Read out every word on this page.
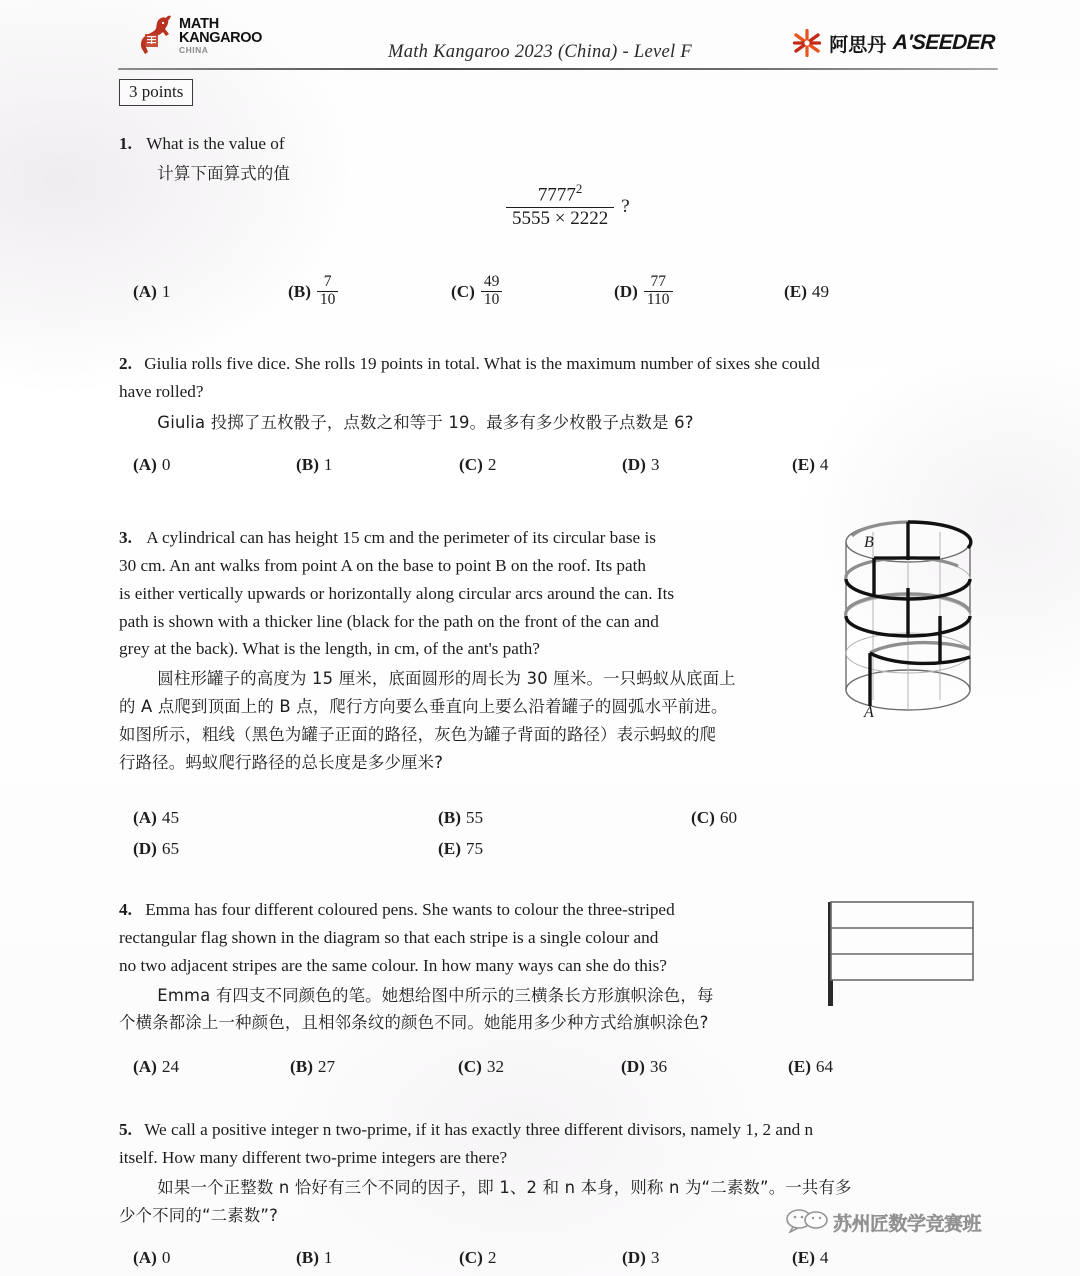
MATH
KANGAROO
CHINA	Math Kangaroo 2023 (China) - Level F	阿思丹 A'SEEDER
3 points
1. What is the value of
计算下面算式的值
$\frac{7777^2}{5555 \times 2222}$ ?
(A) 1	$(B) \frac{7}{10}$	$(C) \frac{49}{10}$	$(D) \frac{77}{110}$	(E) 49
2. Giulia rolls five dice. She rolls 19 points in total. What is the maximum number of sixes she could
have rolled?
Giulia 投掷了五枚骰子，点数之和等于 19。最多有多少枚骰子点数是 6?
(A) 0	(B) 1	(C) 2	(D) 3	(E) 4
3. A cylindrical can has height 15 cm and the perimeter of its circular base is
30 cm. An ant walks from point A on the base to point B on the roof. Its path
is either vertically upwards or horizontally along circular arcs around the can. Its
path is shown with a thicker line (black for the path on the front of the can and
grey at the back). What is the length, in cm, of the ant's path?
圆柱形罐子的高度为 15 厘米，底面圆形的周长为 30 厘米。一只蚂蚁从底面上
的 A 点爬到顶面上的 B 点，爬行方向要么垂直向上要么沿着罐子的圆弧水平前进。
如图所示，粗线（黑色为罐子正面的路径，灰色为罐子背面的路径）表示蚂蚁的爬
行路径。蚂蚁爬行路径的总长度是多少厘米?
B
A
(A) 45	(B) 55	(C) 60
(D) 65	(E) 75
4. Emma has four different coloured pens. She wants to colour the three-striped
rectangular flag shown in the diagram so that each stripe is a single colour and
no two adjacent stripes are the same colour. In how many ways can she do this?
Emma 有四支不同颜色的笔。她想给图中所示的三横条长方形旗帜涂色，每
个横条都涂上一种颜色，且相邻条纹的颜色不同。她能用多少种方式给旗帜涂色?
(A) 24	(B) 27	(C) 32	(D) 36	(E) 64
5. We call a positive integer n two-prime, if it has exactly three different divisors, namely 1, 2 and n
itself. How many different two-prime integers are there?
如果一个正整数 n 恰好有三个不同的因子，即 1、2 和 n 本身，则称 n 为“二素数”。一共有多
少个不同的“二素数”?
(A) 0	(B) 1	(C) 2	(D) 3	(E) 4
苏州匠数学竞赛班
